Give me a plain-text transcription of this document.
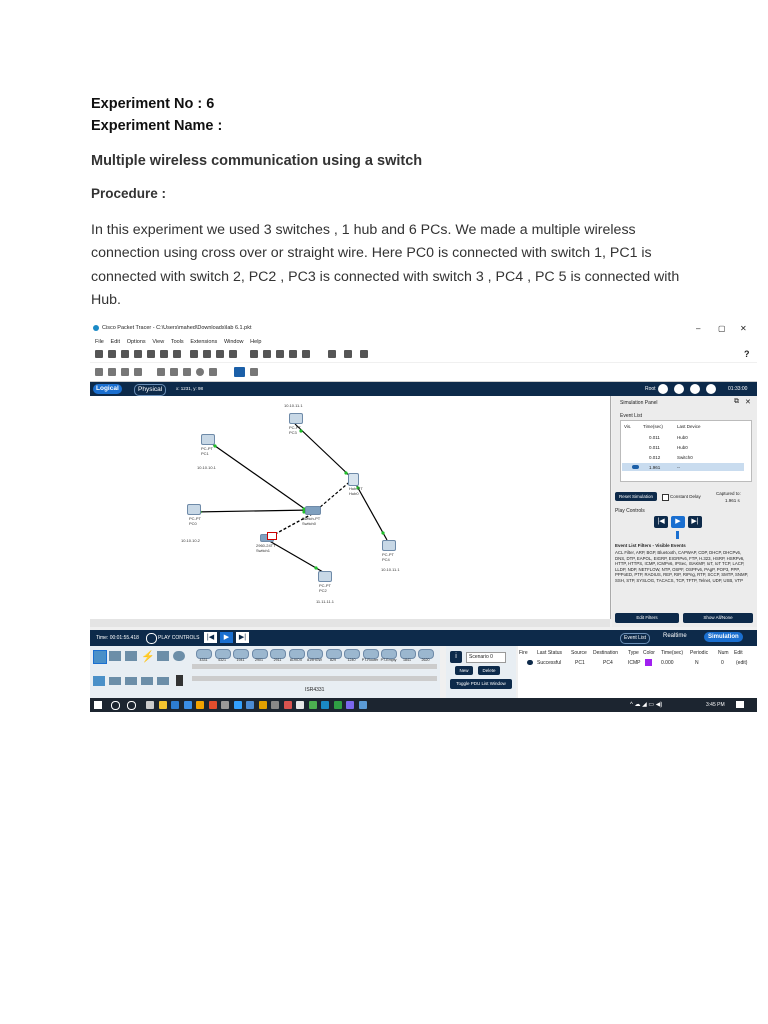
Experiment No : 6
Experiment Name :
Multiple wireless communication using a switch
Procedure :
In this experiment we used 3 switches , 1 hub and 6 PCs. We made a multiple wireless connection using cross over or straight wire. Here PC0 is connected with switch 1, PC1 is connected with switch 2, PC2 , PC3 is connected with switch 3 , PC4 , PC 5 is connected with Hub.
Cisco Packet Tracer - C:\Users\mahed\Downloads\lab 6.1.pkt	– ▢ ✕
File Edit Options View Tools Extensions Window Help
?
Logical	Physical	x: 1231, y: 98	Root	01:33:00
10.10.11.1
PC-PT
PC1
10.10.10.1
PC-PT
PC3
Hub-PT
Hub0
PC-PT
PC0
10.10.10.2
Switch-PT
Switch0
2960-24TT
Switch1
PC-PT
PC4
10.10.11.1
PC-PT
PC2
11.11.11.1
Simulation Panel	⧉ ✕
Event List
Vis.	Time(sec)	Last Device
0.011	Hub0
0.011	Hub0
0.012	Switch0
1.961	--
Reset Simulation	Constant Delay
Captured to:
1.961 s
Play Controls
|◀	▶	▶|
Event List Filters - Visible Events
ACL Filter, ARP, BGP, Bluetooth, CAPWAP, CDP, DHCP, DHCPv6, DNS, DTP, EAPOL, EIGRP, EIGRPv6, FTP, H.323, HSRP, HSRPv6, HTTP, HTTPS, ICMP, ICMPv6, IPSec, ISAKMP, IoT, IoT TCP, LACP, LLDP, NDP, NETFLOW, NTP, OSPF, OSPFv6, PAgP, POP3, PPP, PPPoED, PTP, RADIUS, REP, RIP, RIPng, RTP, SCCP, SMTP, SNMP, SSH, STP, SYSLOG, TACACS, TCP, TFTP, Telnet, UDP, USB, VTP
Edit Filters	Show All/None
Time: 00:01:55.418	PLAY CONTROLS	|◀	▶	▶|	Event List	Realtime	Simulation
⚡	4331	4321	1941	2901	2911	819IOX	819HGW	829	1240	PT-Router PT-Empty	1841	2620
ISR4331
i	Scenario 0
New	Delete
Toggle PDU List Window
Fire Last Status Source Destination Type Color Time(sec) Periodic Num Edit
Successful	PC1	PC4	ICMP	0.000	N	0 (edit)
^ ☁ ◢ ▭ ◀)	3:45 PM
